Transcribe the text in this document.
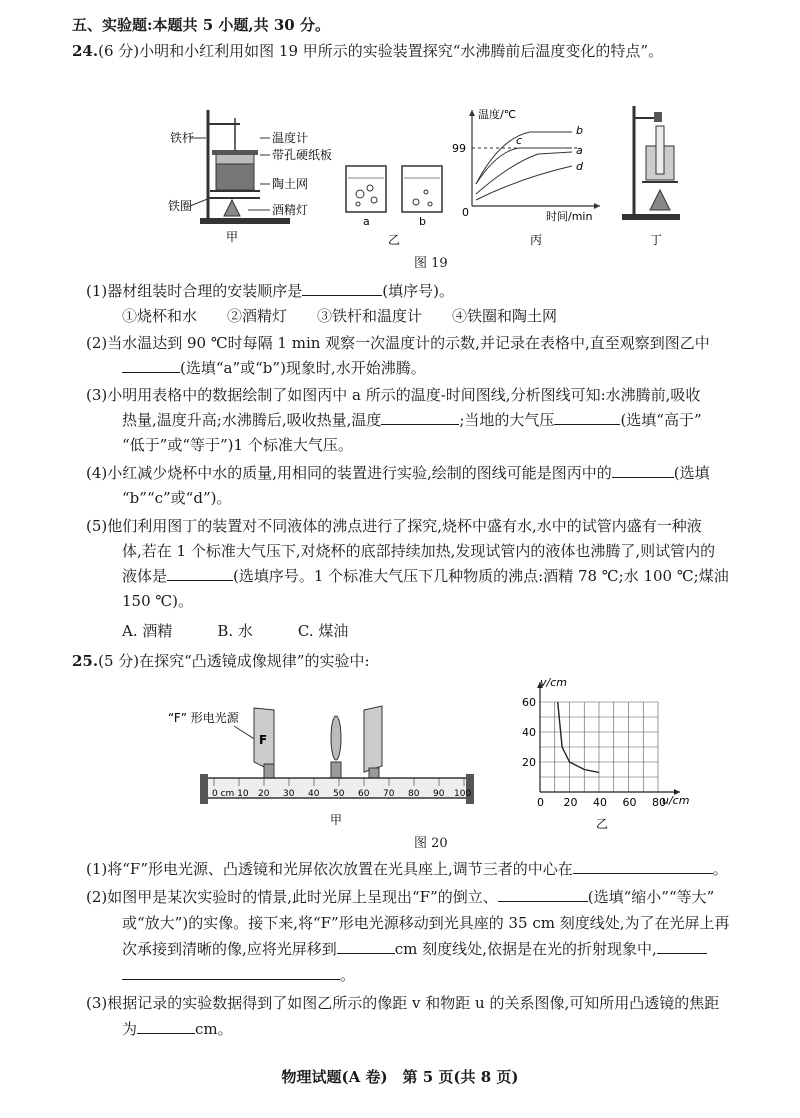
五、实验题:本题共 5 小题,共 30 分。
24.(6 分)小明和小红利用如图 19 甲所示的实验装置探究“水沸腾前后温度变化的特点”。
铁杆	温度计
带孔硬纸板
陶土网
铁圈	酒精灯
甲
a	b
乙
温度/℃
99
0	时间/min
b
c
a
d
丙	丁
图 19
(1)器材组装时合理的安装顺序是	(填序号)。
①烧杯和水　　②酒精灯　　③铁杆和温度计　　④铁圈和陶土网
(2)当水温达到 90 ℃时每隔 1 min 观察一次温度计的示数,并记录在表格中,直至观察到图乙中
(选填“a”或“b”)现象时,水开始沸腾。
(3)小明用表格中的数据绘制了如图丙中 a 所示的温度-时间图线,分析图线可知:水沸腾前,吸收
热量,温度升高;水沸腾后,吸收热量,温度	;当地的大气压	(选填“高于”
“低于”或“等于”)1 个标准大气压。
(4)小红减少烧杯中水的质量,用相同的装置进行实验,绘制的图线可能是图丙中的	(选填
“b”“c”或“d”)。
(5)他们利用图丁的装置对不同液体的沸点进行了探究,烧杯中盛有水,水中的试管内盛有一种液
体,若在 1 个标准大气压下,对烧杯的底部持续加热,发现试管内的液体也沸腾了,则试管内的
液体是	(选填序号。1 个标准大气压下几种物质的沸点:酒精 78 ℃;水 100 ℃;煤油
150 ℃)。
A. 酒精　　　B. 水　　　C. 煤油
25.(5 分)在探究“凸透镜成像规律”的实验中:
“F” 形电光源
F
0 cm 10 20 30 40 50 60 70 80 90 100
甲
0 20 40 60 80
20
40
60
v/cm
u/cm
乙
图 20
(1)将“F”形电光源、凸透镜和光屏依次放置在光具座上,调节三者的中心在	。
(2)如图甲是某次实验时的情景,此时光屏上呈现出“F”的倒立、	(选填“缩小”“等大”
或“放大”)的实像。接下来,将“F”形电光源移动到光具座的 35 cm 刻度线处,为了在光屏上再
次承接到清晰的像,应将光屏移到	cm 刻度线处,依据是在光的折射现象中,
。
(3)根据记录的实验数据得到了如图乙所示的像距 v 和物距 u 的关系图像,可知所用凸透镜的焦距
为	cm。
物理试题(A 卷)　第 5 页(共 8 页)
